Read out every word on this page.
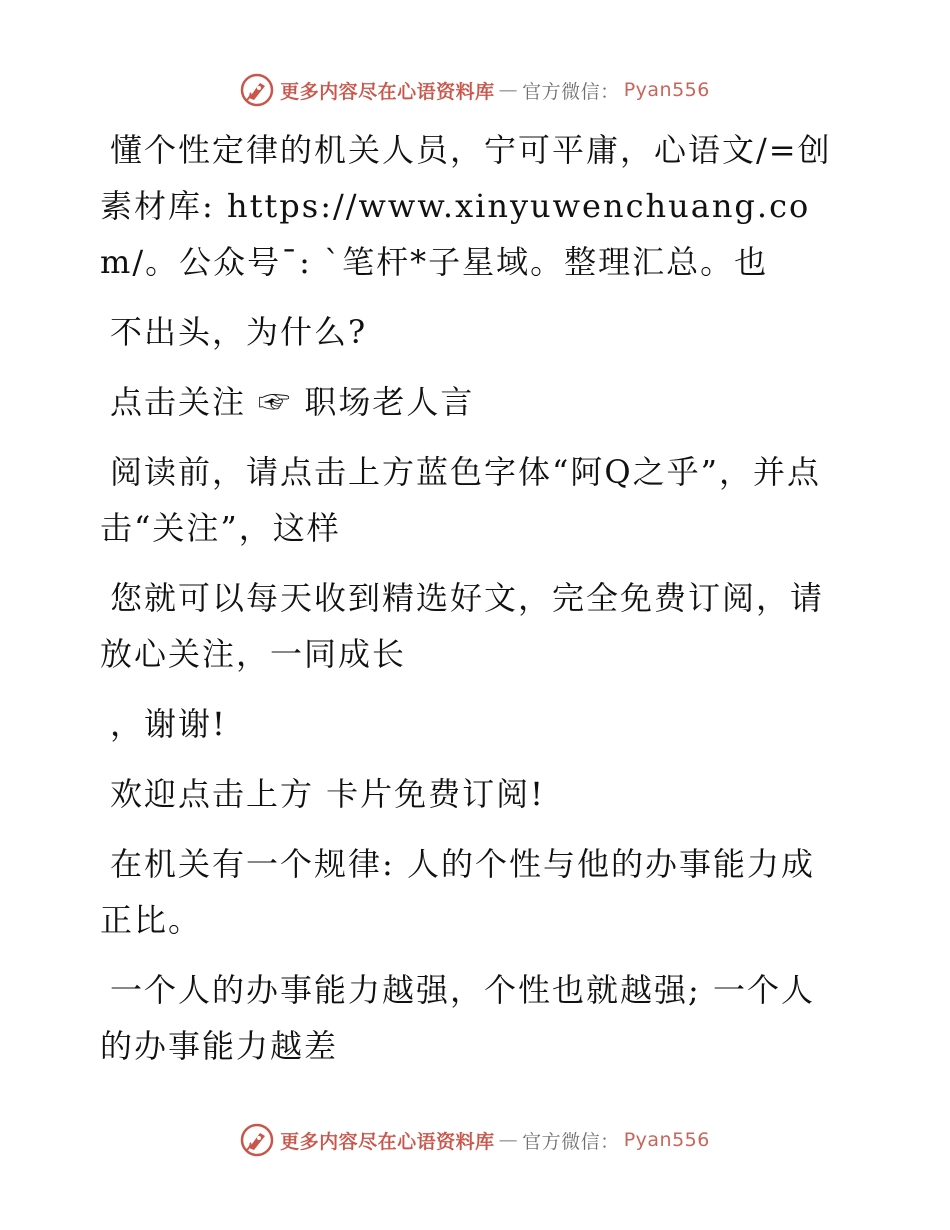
更多内容尽在心语资料库 — 官方微信： Pyan556

懂个性定律的机关人员，宁可平庸，心语文/=创素材库: https://www.xinyuwenchuang.com/。公众号¯: `笔杆*子星域。整理汇总。也

不出头，为什么?

点击关注 ☞ 职场老人言

阅读前，请点击上方蓝色字体“阿Q之乎”，并点击“关注”，这样

您就可以每天收到精选好文，完全免费订阅，请放心关注，一同成长

，谢谢!

欢迎点击上方 卡片免费订阅!

在机关有一个规律: 人的个性与他的办事能力成正比。

一个人的办事能力越强，个性也就越强; 一个人的办事能力越差

更多内容尽在心语资料库 — 官方微信： Pyan556
